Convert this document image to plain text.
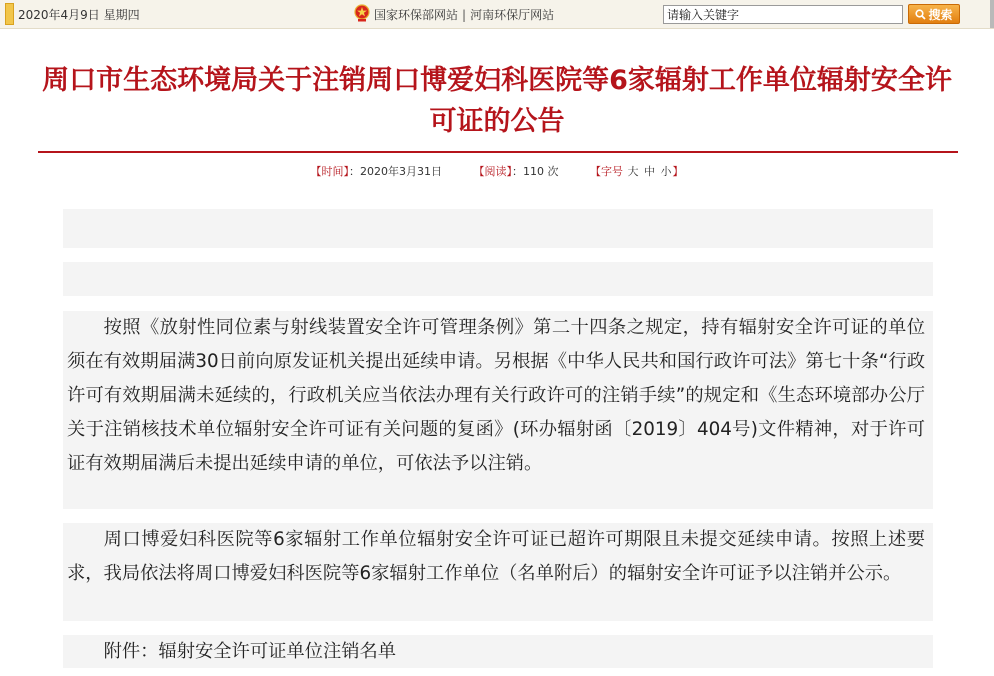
2020年4月9日 星期四	国家环保部网站 | 河南环保厅网站
请输入关键字	搜索
周口市生态环境局关于注销周口博爱妇科医院等6家辐射工作单位辐射安全许可证的公告
【时间】：2020年3月31日	【阅读】：110 次	【字号 大 中 小】
按照《放射性同位素与射线装置安全许可管理条例》第二十四条之规定，持有辐射安全许可证的单位须在有效期届满30日前向原发证机关提出延续申请。另根据《中华人民共和国行政许可法》第七十条“行政许可有效期届满未延续的，行政机关应当依法办理有关行政许可的注销手续”的规定和《生态环境部办公厅关于注销核技术单位辐射安全许可证有关问题的复函》(环办辐射函〔2019〕404号)文件精神，对于许可证有效期届满后未提出延续申请的单位，可依法予以注销。
周口博爱妇科医院等6家辐射工作单位辐射安全许可证已超许可期限且未提交延续申请。按照上述要求，我局依法将周口博爱妇科医院等6家辐射工作单位（名单附后）的辐射安全许可证予以注销并公示。
附件：辐射安全许可证单位注销名单
